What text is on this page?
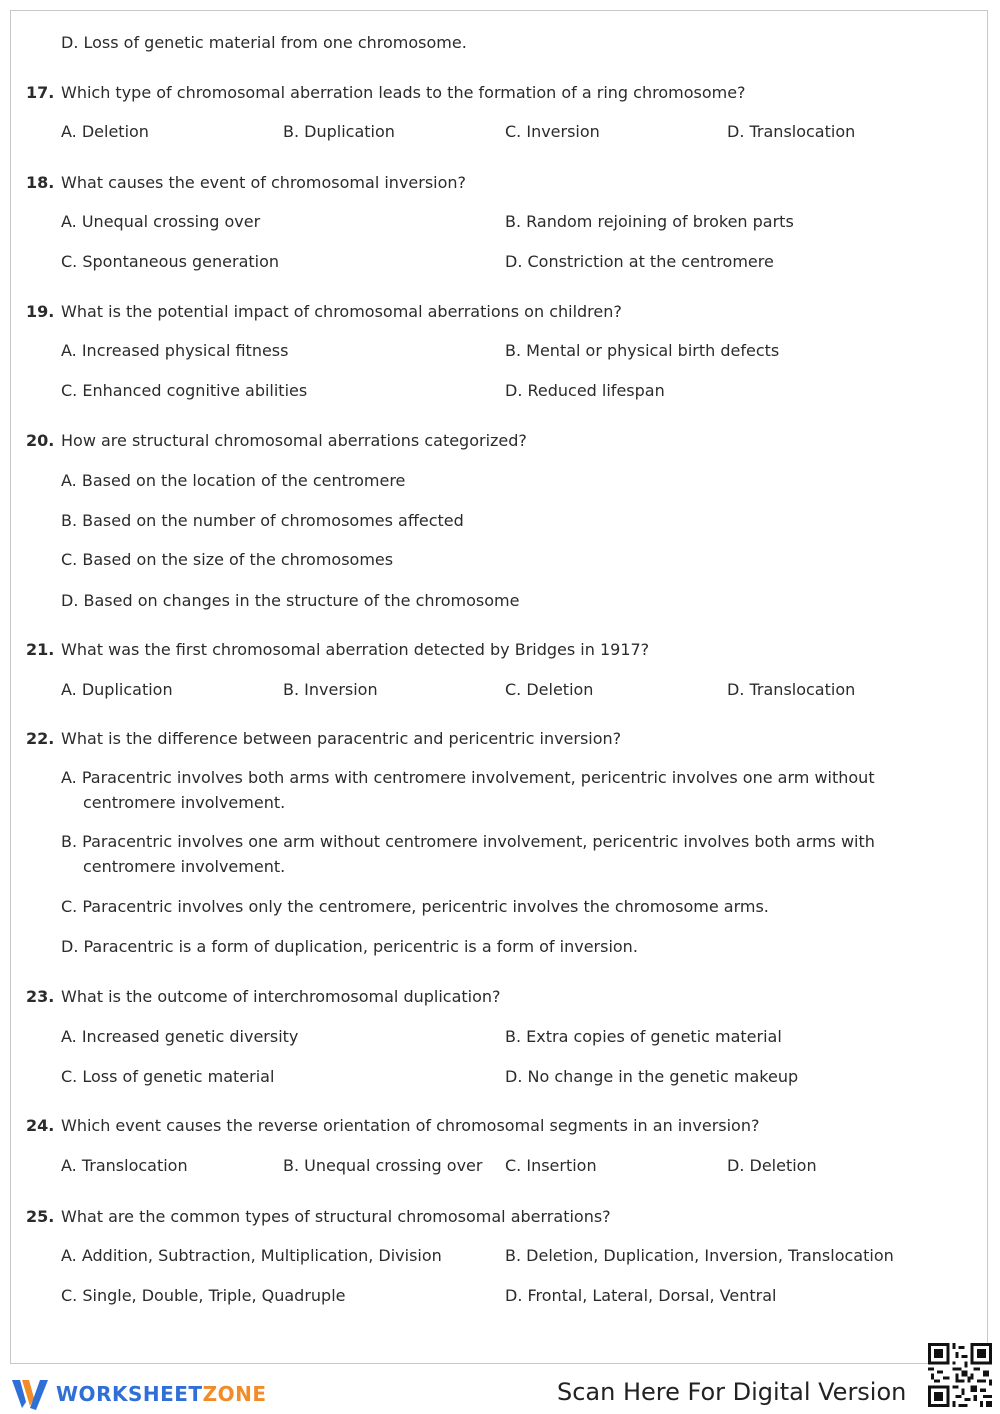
D. Loss of genetic material from one chromosome.
17. Which type of chromosomal aberration leads to the formation of a ring chromosome?
A. Deletion	B. Duplication	C. Inversion	D. Translocation
18. What causes the event of chromosomal inversion?
A. Unequal crossing over	B. Random rejoining of broken parts
C. Spontaneous generation	D. Constriction at the centromere
19. What is the potential impact of chromosomal aberrations on children?
A. Increased physical fitness	B. Mental or physical birth defects
C. Enhanced cognitive abilities	D. Reduced lifespan
20. How are structural chromosomal aberrations categorized?
A. Based on the location of the centromere
B. Based on the number of chromosomes affected
C. Based on the size of the chromosomes
D. Based on changes in the structure of the chromosome
21. What was the first chromosomal aberration detected by Bridges in 1917?
A. Duplication	B. Inversion	C. Deletion	D. Translocation
22. What is the difference between paracentric and pericentric inversion?
A. Paracentric involves both arms with centromere involvement, pericentric involves one arm without centromere involvement.
B. Paracentric involves one arm without centromere involvement, pericentric involves both arms with centromere involvement.
C. Paracentric involves only the centromere, pericentric involves the chromosome arms.
D. Paracentric is a form of duplication, pericentric is a form of inversion.
23. What is the outcome of interchromosomal duplication?
A. Increased genetic diversity	B. Extra copies of genetic material
C. Loss of genetic material	D. No change in the genetic makeup
24. Which event causes the reverse orientation of chromosomal segments in an inversion?
A. Translocation	B. Unequal crossing over C. Insertion	D. Deletion
25. What are the common types of structural chromosomal aberrations?
A. Addition, Subtraction, Multiplication, Division	B. Deletion, Duplication, Inversion, Translocation
C. Single, Double, Triple, Quadruple	D. Frontal, Lateral, Dorsal, Ventral
WORKSHEETZONE	Scan Here For Digital Version
